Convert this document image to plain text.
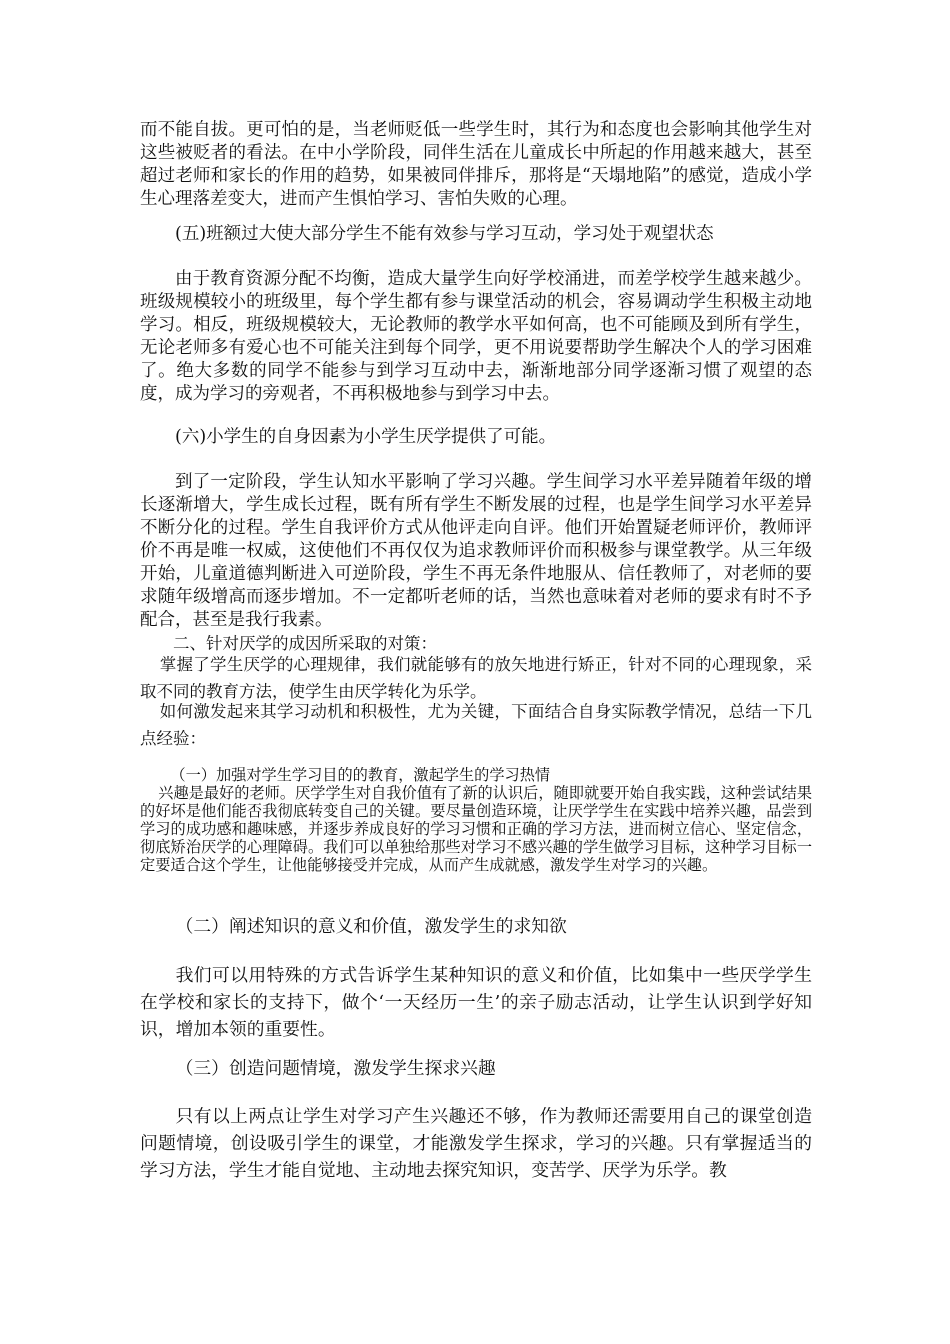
而不能自拔。更可怕的是，当老师贬低一些学生时，其行为和态度也会影响其他学生对这些被贬者的看法。在中小学阶段，同伴生活在儿童成长中所起的作用越来越大，甚至超过老师和家长的作用的趋势，如果被同伴排斥，那将是“天塌地陷”的感觉，造成小学生心理落差变大，进而产生惧怕学习、害怕失败的心理。

(五)班额过大使大部分学生不能有效参与学习互动，学习处于观望状态

由于教育资源分配不均衡，造成大量学生向好学校涌进，而差学校学生越来越少。班级规模较小的班级里，每个学生都有参与课堂活动的机会，容易调动学生积极主动地学习。相反，班级规模较大，无论教师的教学水平如何高，也不可能顾及到所有学生，无论老师多有爱心也不可能关注到每个同学，更不用说要帮助学生解决个人的学习困难了。绝大多数的同学不能参与到学习互动中去，渐渐地部分同学逐渐习惯了观望的态度，成为学习的旁观者，不再积极地参与到学习中去。

(六)小学生的自身因素为小学生厌学提供了可能。

到了一定阶段，学生认知水平影响了学习兴趣。学生间学习水平差异随着年级的增长逐渐增大，学生成长过程，既有所有学生不断发展的过程，也是学生间学习水平差异不断分化的过程。学生自我评价方式从他评走向自评。他们开始置疑老师评价，教师评价不再是唯一权威，这使他们不再仅仅为追求教师评价而积极参与课堂教学。从三年级开始，儿童道德判断进入可逆阶段，学生不再无条件地服从、信任教师了，对老师的要求随年级增高而逐步增加。不一定都听老师的话，当然也意味着对老师的要求有时不予配合，甚至是我行我素。

二、针对厌学的成因所采取的对策：

掌握了学生厌学的心理规律，我们就能够有的放矢地进行矫正，针对不同的心理现象，采取不同的教育方法，使学生由厌学转化为乐学。

如何激发起来其学习动机和积极性，尤为关键，下面结合自身实际教学情况，总结一下几点经验：

（一）加强对学生学习目的的教育，激起学生的学习热情

兴趣是最好的老师。厌学学生对自我价值有了新的认识后，随即就要开始自我实践，这种尝试结果的好坏是他们能否我彻底转变自己的关键。要尽量创造环境，让厌学学生在实践中培养兴趣，品尝到学习的成功感和趣味感，并逐步养成良好的学习习惯和正确的学习方法，进而树立信心、坚定信念，彻底矫治厌学的心理障碍。我们可以单独给那些对学习不感兴趣的学生做学习目标，这种学习目标一定要适合这个学生，让他能够接受并完成，从而产生成就感，激发学生对学习的兴趣。

（二）阐述知识的意义和价值，激发学生的求知欲

我们可以用特殊的方式告诉学生某种知识的意义和价值，比如集中一些厌学学生在学校和家长的支持下，做个‘一天经历一生’的亲子励志活动，让学生认识到学好知识，增加本领的重要性。

（三）创造问题情境，激发学生探求兴趣

只有以上两点让学生对学习产生兴趣还不够，作为教师还需要用自己的课堂创造问题情境，创设吸引学生的课堂，才能激发学生探求，学习的兴趣。只有掌握适当的学习方法，学生才能自觉地、主动地去探究知识，变苦学、厌学为乐学。教
